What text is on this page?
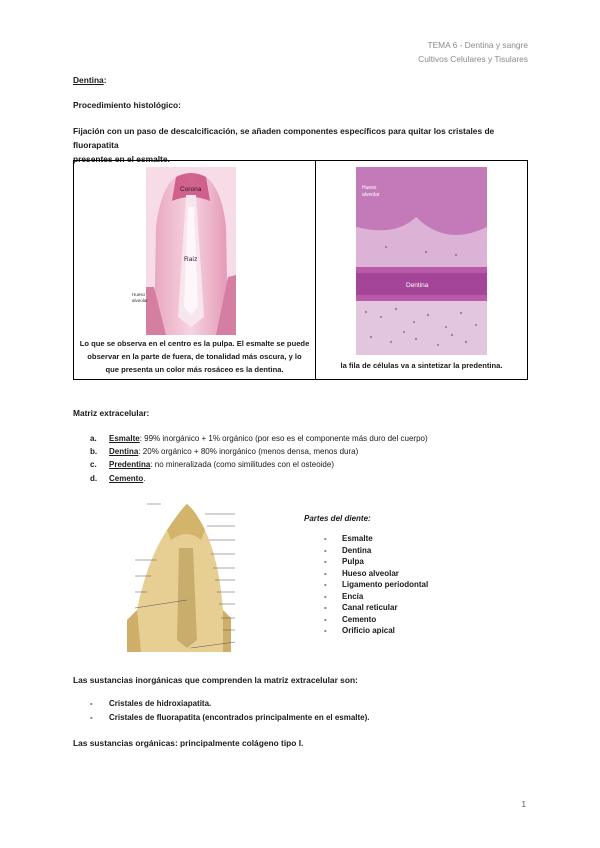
TEMA 6 - Dentina y sangre
Cultivos Celulares y Tisulares
Dentina:
Procedimiento histológico:
Fijación con un paso de descalcificación, se añaden componentes específicos para quitar los cristales de fluorapatita
presentes en el esmalte.
Corona
Raíz
Hueso alveolar
Lo que se observa en el centro es la pulpa. El esmalte se puede
observar en la parte de fuera, de tonalidad más oscura, y lo
que presenta un color más rosáceo es la dentina.

Dentina
Hueso alveolar
la fila de células va a sintetizar la predentina.
Matriz extracelular:
a.	Esmalte: 99% inorgánico + 1% orgánico (por eso es el componente más duro del cuerpo)
b.	Dentina: 20% orgánico + 80% inorgánico (menos densa, menos dura)
c.	Predentina: no mineralizada (como similitudes con el osteoide)
d.	Cemento.
Partes del diente:
-	Esmalte
-	Dentina
-	Pulpa
-	Hueso alveolar
-	Ligamento periodontal
-	Encía
-	Canal reticular
-	Cemento
-	Orificio apical
Las sustancias inorgánicas que comprenden la matriz extracelular son:
-	Cristales de hidroxiapatita.
-	Cristales de fluorapatita (encontrados principalmente en el esmalte).
Las sustancias orgánicas: principalmente colágeno tipo I.
1
